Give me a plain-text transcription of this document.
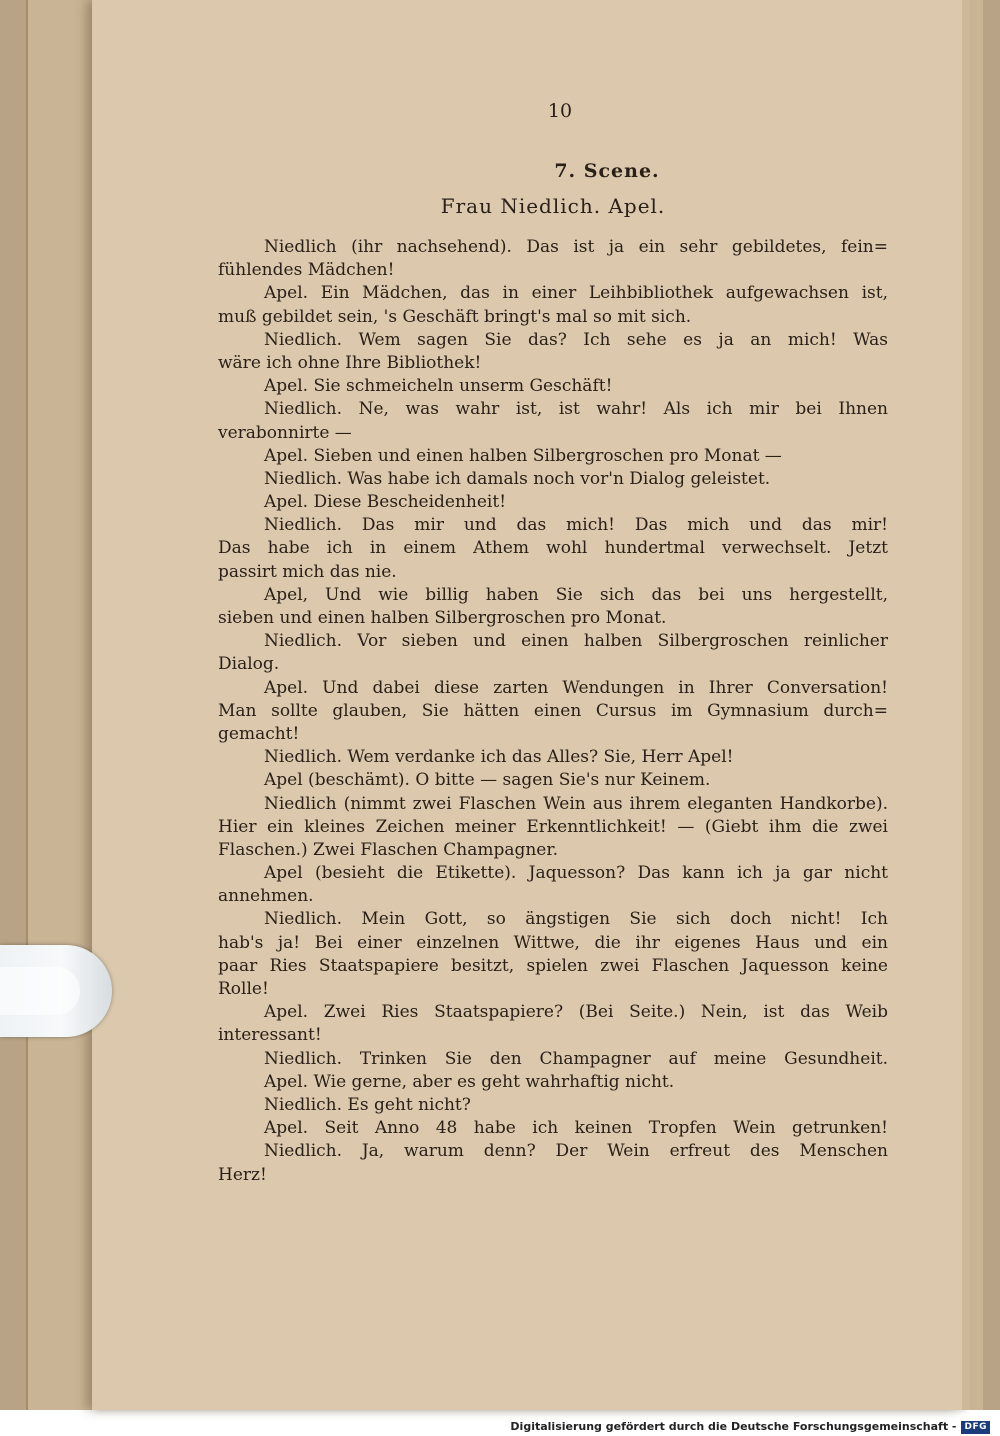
10
7. Scene.
Frau Niedlich. Apel.
Niedlich (ihr nachsehend). Das ist ja ein sehr gebildetes, fein=
fühlendes Mädchen!
Apel. Ein Mädchen, das in einer Leihbibliothek aufgewachsen ist,
muß gebildet sein, 's Geschäft bringt's mal so mit sich.
Niedlich. Wem sagen Sie das? Ich sehe es ja an mich! Was
wäre ich ohne Ihre Bibliothek!
Apel. Sie schmeicheln unserm Geschäft!
Niedlich. Ne, was wahr ist, ist wahr! Als ich mir bei Ihnen
verabonnirte —
Apel. Sieben und einen halben Silbergroschen pro Monat —
Niedlich. Was habe ich damals noch vor'n Dialog geleistet.
Apel. Diese Bescheidenheit!
Niedlich. Das mir und das mich! Das mich und das mir!
Das habe ich in einem Athem wohl hundertmal verwechselt. Jetzt
passirt mich das nie.
Apel, Und wie billig haben Sie sich das bei uns hergestellt,
sieben und einen halben Silbergroschen pro Monat.
Niedlich. Vor sieben und einen halben Silbergroschen reinlicher
Dialog.
Apel. Und dabei diese zarten Wendungen in Ihrer Conversation!
Man sollte glauben, Sie hätten einen Cursus im Gymnasium durch=
gemacht!
Niedlich. Wem verdanke ich das Alles? Sie, Herr Apel!
Apel (beschämt). O bitte — sagen Sie's nur Keinem.
Niedlich (nimmt zwei Flaschen Wein aus ihrem eleganten Handkorbe).
Hier ein kleines Zeichen meiner Erkenntlichkeit! — (Giebt ihm die zwei
Flaschen.) Zwei Flaschen Champagner.
Apel (besieht die Etikette). Jaquesson? Das kann ich ja gar nicht
annehmen.
Niedlich. Mein Gott, so ängstigen Sie sich doch nicht! Ich
hab's ja! Bei einer einzelnen Wittwe, die ihr eigenes Haus und ein
paar Ries Staatspapiere besitzt, spielen zwei Flaschen Jaquesson keine
Rolle!
Apel. Zwei Ries Staatspapiere? (Bei Seite.) Nein, ist das Weib
interessant!
Niedlich. Trinken Sie den Champagner auf meine Gesundheit.
Apel. Wie gerne, aber es geht wahrhaftig nicht.
Niedlich. Es geht nicht?
Apel. Seit Anno 48 habe ich keinen Tropfen Wein getrunken!
Niedlich. Ja, warum denn? Der Wein erfreut des Menschen
Herz!
Digitalisierung gefördert durch die Deutsche Forschungsgemeinschaft - DFG
